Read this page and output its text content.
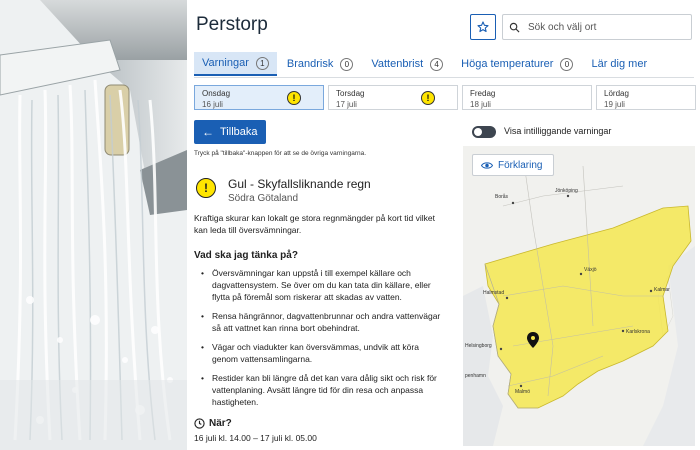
Perstorp
Sök och välj ort
Varningar	1	Brandrisk	0	Vattenbrist	4	Höga temperaturer	0	Lär dig mer
Onsdag
16 juli
!	Torsdag
17 juli
!	Fredag
18 juli
Lördag
19 juli
← Tillbaka
Tryck på "tillbaka"-knappen för att se de övriga varningarna.
Visa intilliggande varningar
!	Gul - Skyfallsliknande regn
Södra Götaland
Kraftiga skurar kan lokalt ge stora regnmängder på kort tid vilket kan leda till översvämningar.
Vad ska jag tänka på?
• Översvämningar kan uppstå i till exempel källare och dagvattensystem. Se över om du kan tata din källare, eller flytta på föremål som riskerar att skadas av vatten.
• Rensa hängrännor, dagvattenbrunnar och andra vattenvägar så att vattnet kan rinna bort obehindrat.
• Vägar och viadukter kan översvämmas, undvik att köra genom vattensamlingarna.
• Restider kan bli längre då det kan vara dålig sikt och risk för vattenplaning. Avsätt längre tid för din resa och anpassa hastigheten.
När?
16 juli kl. 14.00 – 17 juli kl. 05.00
Borås
Jönköping
Växjö
Halmstad	Kalmar
Karlskrona
Helsingborg
penhamn
Malmö
Förklaring
